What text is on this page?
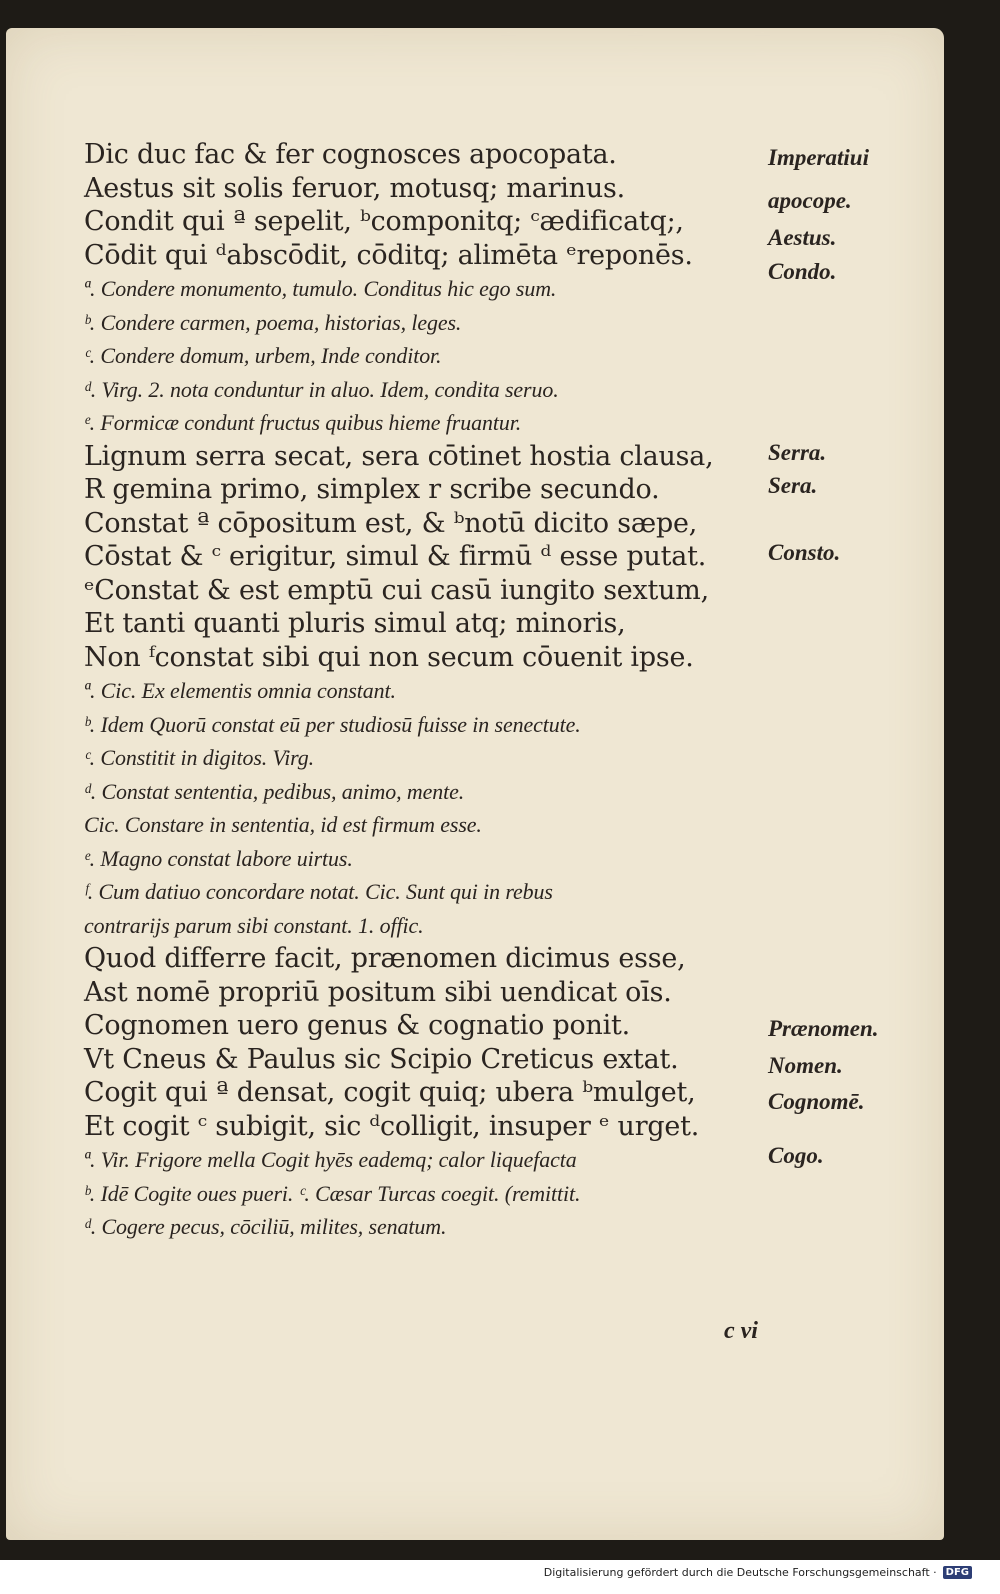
Dic duc fac & fer cognosces apocopata.
Aestus sit solis feruor, motusq; marinus.
Condit qui ª sepelit, ᵇcomponitq; ᶜædificatq;,
Cōdit qui ᵈabscōdit, cōditq; alimēta ᵉreponēs.
ª. Condere monumento, tumulo. Conditus hic ego sum.
ᵇ. Condere carmen, poema, historias, leges.
ᶜ. Condere domum, urbem, Inde conditor.
ᵈ. Virg. 2. nota conduntur in aluo. Idem, condita seruo.
ᵉ. Formicæ condunt fructus quibus hieme fruantur.
Lignum serra secat, sera cōtinet hostia clausa,
R gemina primo, simplex r scribe secundo.
Constat ª cōpositum est, & ᵇnotū dicito sæpe,
Cōstat & ᶜ erigitur, simul & firmū ᵈ esse putat.
ᵉConstat & est emptū cui casū iungito sextum,
Et tanti quanti pluris simul atq; minoris,
Non ᶠconstat sibi qui non secum cōuenit ipse.
ª. Cic. Ex elementis omnia constant.
ᵇ. Idem Quorū constat eū per studiosū fuisse in senectute.
ᶜ. Constitit in digitos. Virg.
ᵈ. Constat sententia, pedibus, animo, mente.
Cic. Constare in sententia, id est firmum esse.
ᵉ. Magno constat labore uirtus.
ᶠ. Cum datiuo concordare notat. Cic. Sunt qui in rebus
contrarijs parum sibi constant. 1. offic.
Quod differre facit, prænomen dicimus esse,
Ast nomē propriū positum sibi uendicat oīs.
Cognomen uero genus & cognatio ponit.
Vt Cneus & Paulus sic Scipio Creticus extat.
Cogit qui ª densat, cogit quiq; ubera ᵇmulget,
Et cogit ᶜ subigit, sic ᵈcolligit, insuper ᵉ urget.
ª. Vir. Frigore mella Cogit hyēs eademq; calor liquefacta
ᵇ. Idē Cogite oues pueri. ᶜ. Cæsar Turcas coegit. (remittit.
ᵈ. Cogere pecus, cōciliū, milites, senatum.
Imperatiui
apocope.
Aestus.
Condo.
Serra.
Sera.
Consto.
Prænomen.
Nomen.
Cognomē.
Cogo.
c vi
Digitalisierung gefördert durch die Deutsche Forschungsgemeinschaft · DFG
